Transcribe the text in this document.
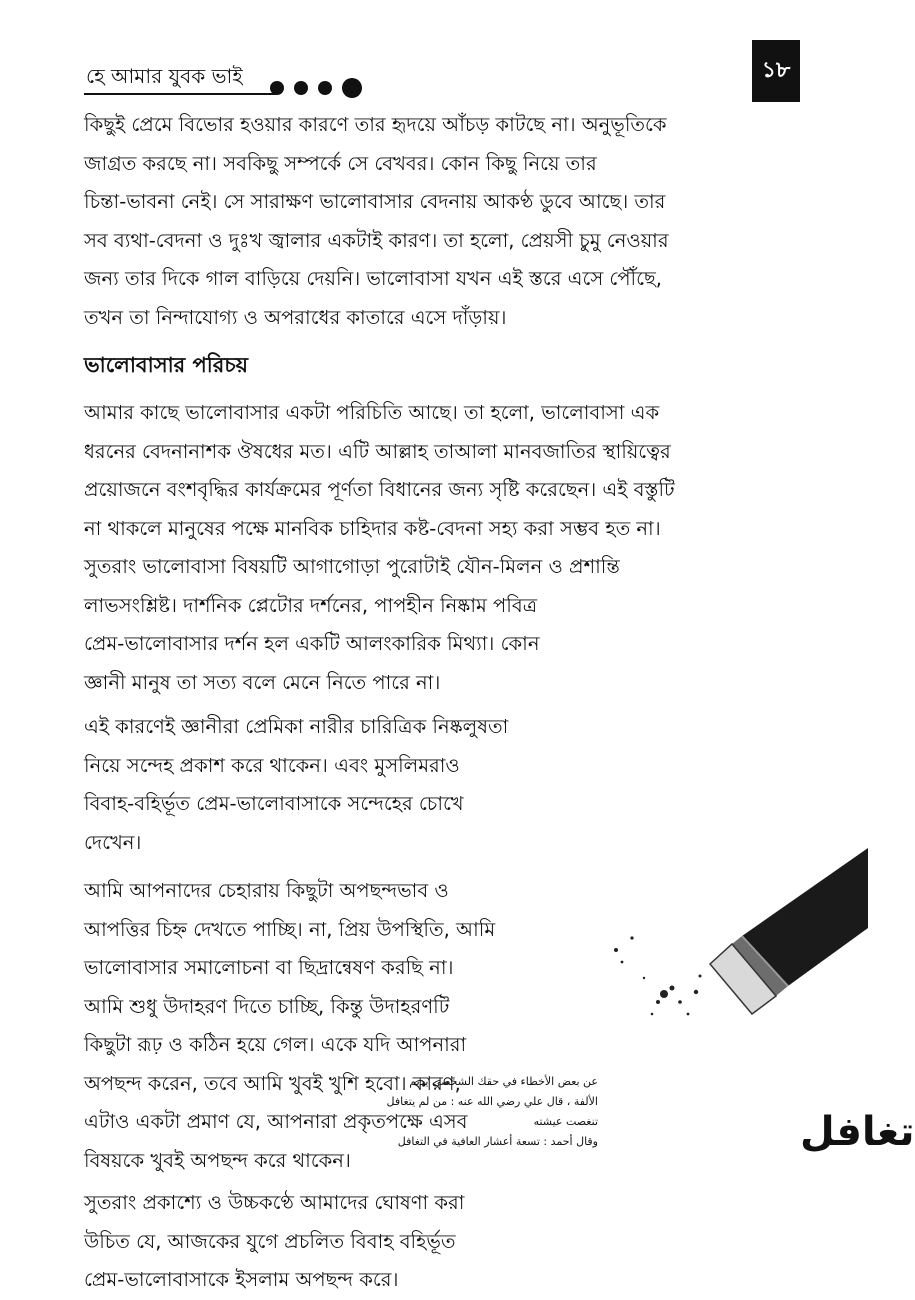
হে আমার যুবক ভাই	১৮
কিছুই প্রেমে বিভোর হওয়ার কারণে তার হৃদয়ে আঁচড় কাটছে না। অনুভূতিকে
জাগ্রত করছে না। সবকিছু সম্পর্কে সে বেখবর। কোন কিছু নিয়ে তার
চিন্তা-ভাবনা নেই। সে সারাক্ষণ ভালোবাসার বেদনায় আকণ্ঠ ডুবে আছে। তার
সব ব্যথা-বেদনা ও দুঃখ জ্বালার একটাই কারণ। তা হলো, প্রেয়সী চুমু নেওয়ার
জন্য তার দিকে গাল বাড়িয়ে দেয়নি। ভালোবাসা যখন এই স্তরে এসে পৌঁছে,
তখন তা নিন্দাযোগ্য ও অপরাধের কাতারে এসে দাঁড়ায়।
ভালোবাসার পরিচয়
আমার কাছে ভালোবাসার একটা পরিচিতি আছে। তা হলো, ভালোবাসা এক
ধরনের বেদনানাশক ঔষধের মত। এটি আল্লাহ তাআলা মানবজাতির স্থায়িত্বের
প্রয়োজনে বংশবৃদ্ধির কার্যক্রমের পূর্ণতা বিধানের জন্য সৃষ্টি করেছেন। এই বস্তুটি
না থাকলে মানুষের পক্ষে মানবিক চাহিদার কষ্ট-বেদনা সহ্য করা সম্ভব হত না।
সুতরাং ভালোবাসা বিষয়টি আগাগোড়া পুরোটাই যৌন-মিলন ও প্রশান্তি
লাভসংশ্লিষ্ট। দার্শনিক প্লেটোর দর্শনের, পাপহীন নিষ্কাম পবিত্র
প্রেম-ভালোবাসার দর্শন হল একটি আলংকারিক মিথ্যা। কোন
জ্ঞানী মানুষ তা সত্য বলে মেনে নিতে পারে না।
এই কারণেই জ্ঞানীরা প্রেমিকা নারীর চারিত্রিক নিষ্কলুষতা
নিয়ে সন্দেহ প্রকাশ করে থাকেন। এবং মুসলিমরাও
বিবাহ-বহির্ভূত প্রেম-ভালোবাসাকে সন্দেহের চোখে
দেখেন।
আমি আপনাদের চেহারায় কিছুটা অপছন্দভাব ও
আপত্তির চিহ্ন দেখতে পাচ্ছি। না, প্রিয় উপস্থিতি, আমি
ভালোবাসার সমালোচনা বা ছিদ্রান্বেষণ করছি না।
আমি শুধু উদাহরণ দিতে চাচ্ছি, কিন্তু উদাহরণটি
কিছুটা রূঢ় ও কঠিন হয়ে গেল। একে যদি আপনারা
অপছন্দ করেন, তবে আমি খুবই খুশি হবো। কারণ,
এটাও একটা প্রমাণ যে, আপনারা প্রকৃতপক্ষে এসব
বিষয়কে খুবই অপছন্দ করে থাকেন।
সুতরাং প্রকাশ্যে ও উচ্চকণ্ঠে আমাদের ঘোষণা করা
উচিত যে, আজকের যুগে প্রচলিত বিবাহ বহির্ভূত
প্রেম-ভালোবাসাকে ইসলাম অপছন্দ করে।
عن بعض الأخطاء في حقك الشخصي يديم
الألفة ، قال علي رضي الله عنه : من لم يتغافل
تنغصت عيشته
وقال أحمد : تسعة أعشار العافية في التغافل	تغافل
